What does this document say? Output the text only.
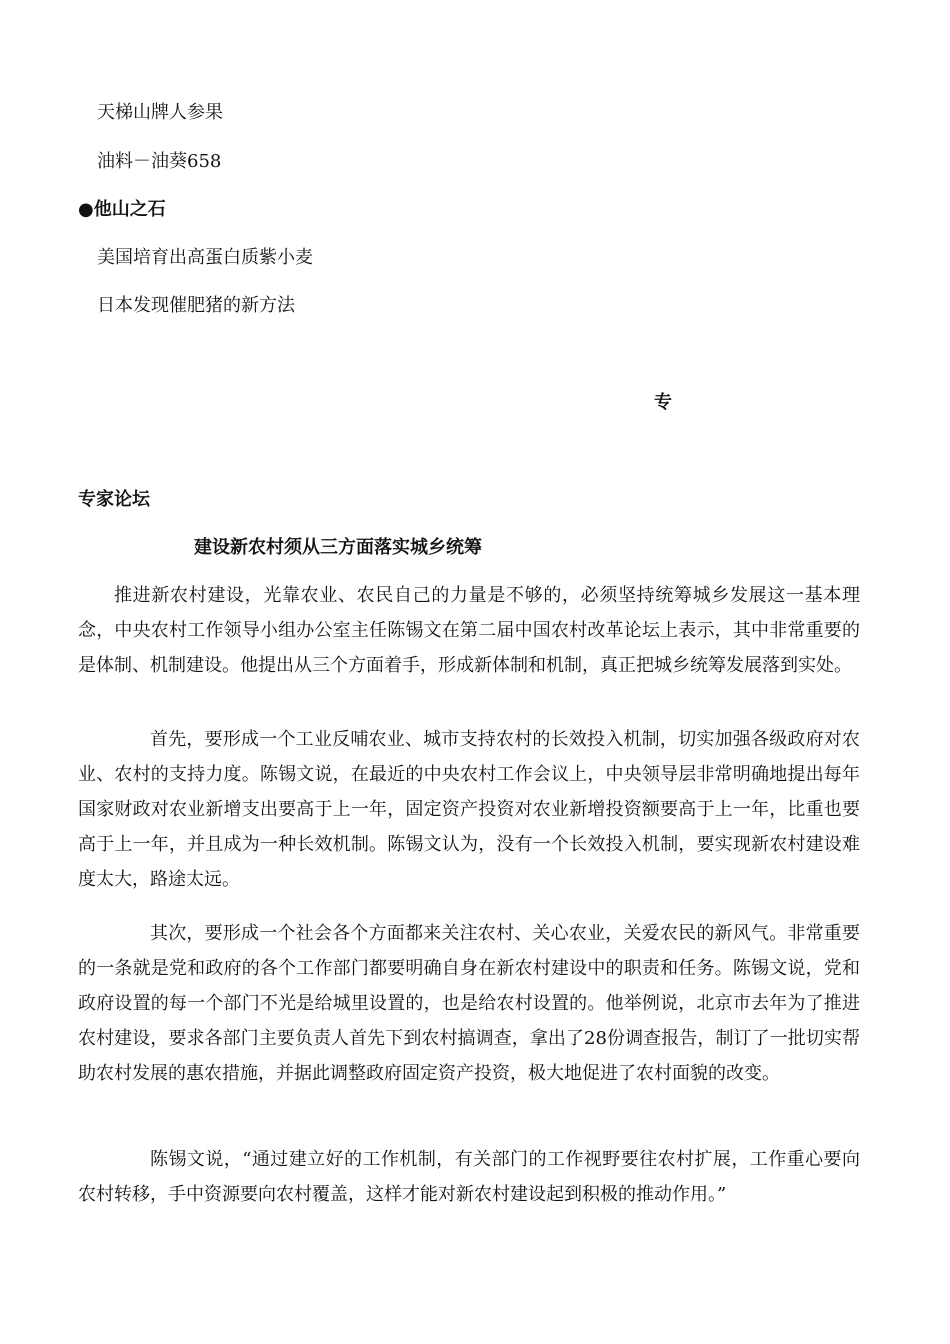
天梯山牌人参果
油料－油葵658
●他山之石
美国培育出高蛋白质紫小麦
日本发现催肥猪的新方法
专
专家论坛
建设新农村须从三方面落实城乡统筹

推进新农村建设，光靠农业、农民自己的力量是不够的，必须坚持统筹城乡发展这一基本理念，中央农村工作领导小组办公室主任陈锡文在第二届中国农村改革论坛上表示，其中非常重要的是体制、机制建设。他提出从三个方面着手，形成新体制和机制，真正把城乡统筹发展落到实处。

首先，要形成一个工业反哺农业、城市支持农村的长效投入机制，切实加强各级政府对农业、农村的支持力度。陈锡文说，在最近的中央农村工作会议上，中央领导层非常明确地提出每年国家财政对农业新增支出要高于上一年，固定资产投资对农业新增投资额要高于上一年，比重也要高于上一年，并且成为一种长效机制。陈锡文认为，没有一个长效投入机制，要实现新农村建设难度太大，路途太远。

其次，要形成一个社会各个方面都来关注农村、关心农业，关爱农民的新风气。非常重要的一条就是党和政府的各个工作部门都要明确自身在新农村建设中的职责和任务。陈锡文说，党和政府设置的每一个部门不光是给城里设置的，也是给农村设置的。他举例说，北京市去年为了推进农村建设，要求各部门主要负责人首先下到农村搞调查，拿出了28份调查报告，制订了一批切实帮助农村发展的惠农措施，并据此调整政府固定资产投资，极大地促进了农村面貌的改变。

陈锡文说，“通过建立好的工作机制，有关部门的工作视野要往农村扩展，工作重心要向农村转移，手中资源要向农村覆盖，这样才能对新农村建设起到积极的推动作用。”
